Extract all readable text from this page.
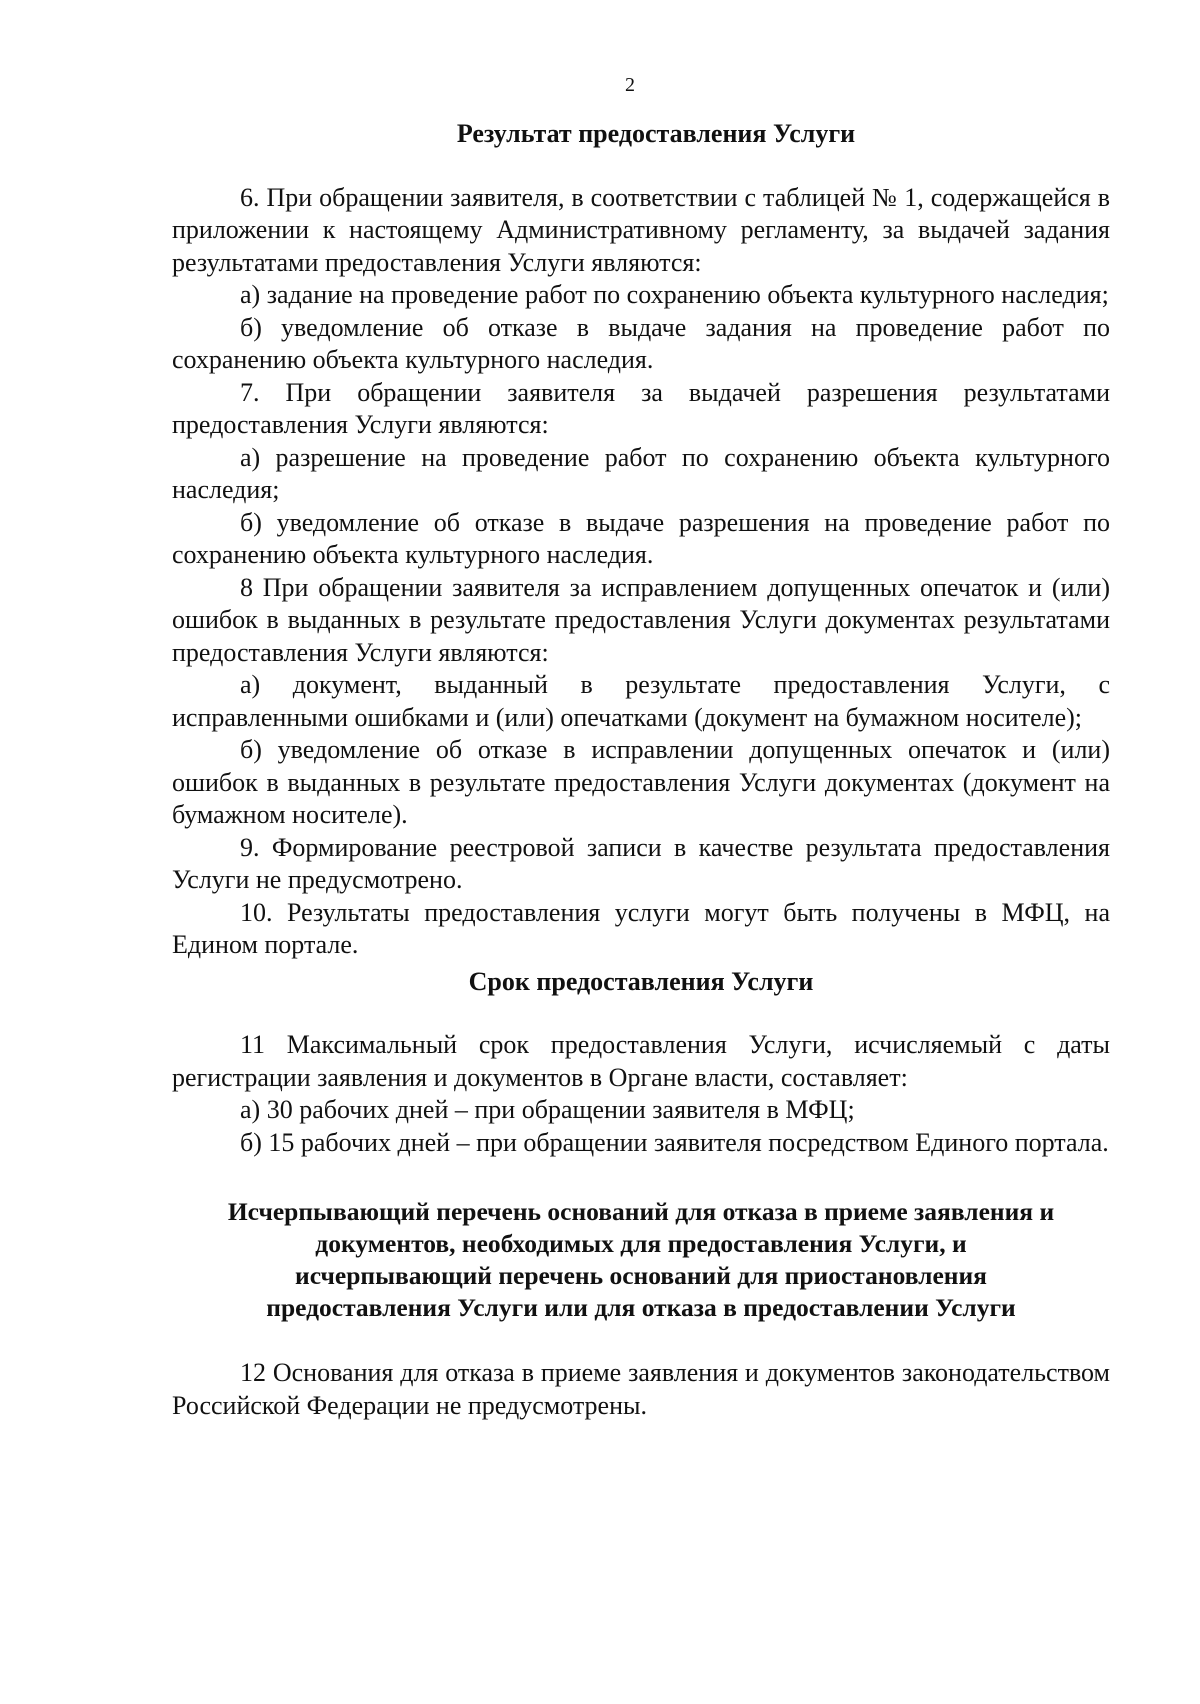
2
Результат предоставления Услуги

6. При обращении заявителя, в соответствии с таблицей № 1, содержащейся в приложении к настоящему Административному регламенту, за выдачей задания результатами предоставления Услуги являются:

а) задание на проведение работ по сохранению объекта культурного наследия;

б) уведомление об отказе в выдаче задания на проведение работ по сохранению объекта культурного наследия.

7. При обращении заявителя за выдачей разрешения результатами предоставления Услуги являются:

а) разрешение на проведение работ по сохранению объекта культурного наследия;

б) уведомление об отказе в выдаче разрешения на проведение работ по сохранению объекта культурного наследия.

8 При обращении заявителя за исправлением допущенных опечаток и (или) ошибок в выданных в результате предоставления Услуги документах результатами предоставления Услуги являются:

а) документ, выданный в результате предоставления Услуги, с исправленными ошибками и (или) опечатками (документ на бумажном носителе);

б) уведомление об отказе в исправлении допущенных опечаток и (или) ошибок в выданных в результате предоставления Услуги документах (документ на бумажном носителе).

9. Формирование реестровой записи в качестве результата предоставления Услуги не предусмотрено.

10. Результаты предоставления услуги могут быть получены в МФЦ, на Едином портале.

Срок предоставления Услуги

11 Максимальный срок предоставления Услуги, исчисляемый с даты регистрации заявления и документов в Органе власти, составляет:

а) 30 рабочих дней – при обращении заявителя в МФЦ;

б) 15 рабочих дней – при обращении заявителя посредством Единого портала.

Исчерпывающий перечень оснований для отказа в приеме заявления и
документов, необходимых для предоставления Услуги, и
исчерпывающий перечень оснований для приостановления
предоставления Услуги или для отказа в предоставлении Услуги

12 Основания для отказа в приеме заявления и документов законодательством Российской Федерации не предусмотрены.
